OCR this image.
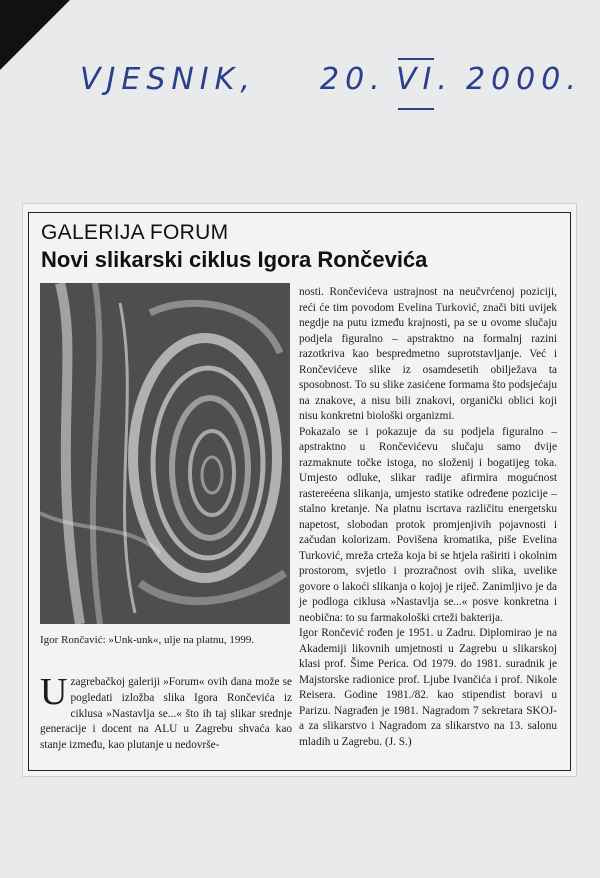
VJESNIK, 20. VI. 2000.
GALERIJA FORUM
Novi slikarski ciklus Igora Rončevića
Igor Rončavić: »Unk-unk«, ulje na platnu, 1999.
U zagrebačkoj galeriji »Forum« ovih dana može se pogledati izložba slika Igora Rončevića iz ciklusa »Nastavlja se...« što ih taj slikar srednje generacije i docent na ALU u Zagrebu shvaća kao stanje između, kao plutanje u nedovrše-

nosti. Rončevićeva ustrajnost na neučvrćenoj poziciji, reći će tim povodom Evelina Turković, znači biti uvijek negdje na putu između krajnosti, pa se u ovome slučaju podjela figuralno – apstraktno na formalnj razini razotkriva kao bespredmetno suprotstavljanje. Već i Rončevićeve slike iz osamdesetih obilježava ta sposobnost. To su slike zasićene formama što podsjećaju na znakove, a nisu bili znakovi, organički oblici koji nisu konkretni biološki organizmi.

Pokazalo se i pokazuje da su podjela figuralno – apstraktno u Rončevićevu slučaju samo dvije razmaknute točke istoga, no složenij i bogatijeg toka. Umjesto odluke, slikar radije afirmira mogućnost rastereéena slikanja, umjesto statike određene pozicije – stalno kretanje. Na platnu iscrtava različitu energetsku napetost, slobodan protok promjenjivih pojavnosti i začudan kolorizam. Povišena kromatika, piše Evelina Turković, mreža crteža koja bi se htjela raširiti i okolnim prostorom, svjetlo i prozračnost ovih slika, uvelike govore o lakoći slikanja o kojoj je riječ. Zanimljivo je da je podloga ciklusa »Nastavlja se...« posve konkretna i neobična: to su farmakološki crteži bakterija.

Igor Rončević rođen je 1951. u Zadru. Diplomirao je na Akademiji likovnih umjetnosti u Zagrebu u slikarskoj klasi prof. Šime Perica. Od 1979. do 1981. suradnik je Majstorske radionice prof. Ljube Ivančića i prof. Nikole Reisera. Godine 1981./82. kao stipendist boravi u Parizu. Nagrađen je 1981. Nagradom 7 sekretara SKOJ-a za slikarstvo i Nagradom za slikarstvo na 13. salonu mladih u Zagrebu. (J. S.)
